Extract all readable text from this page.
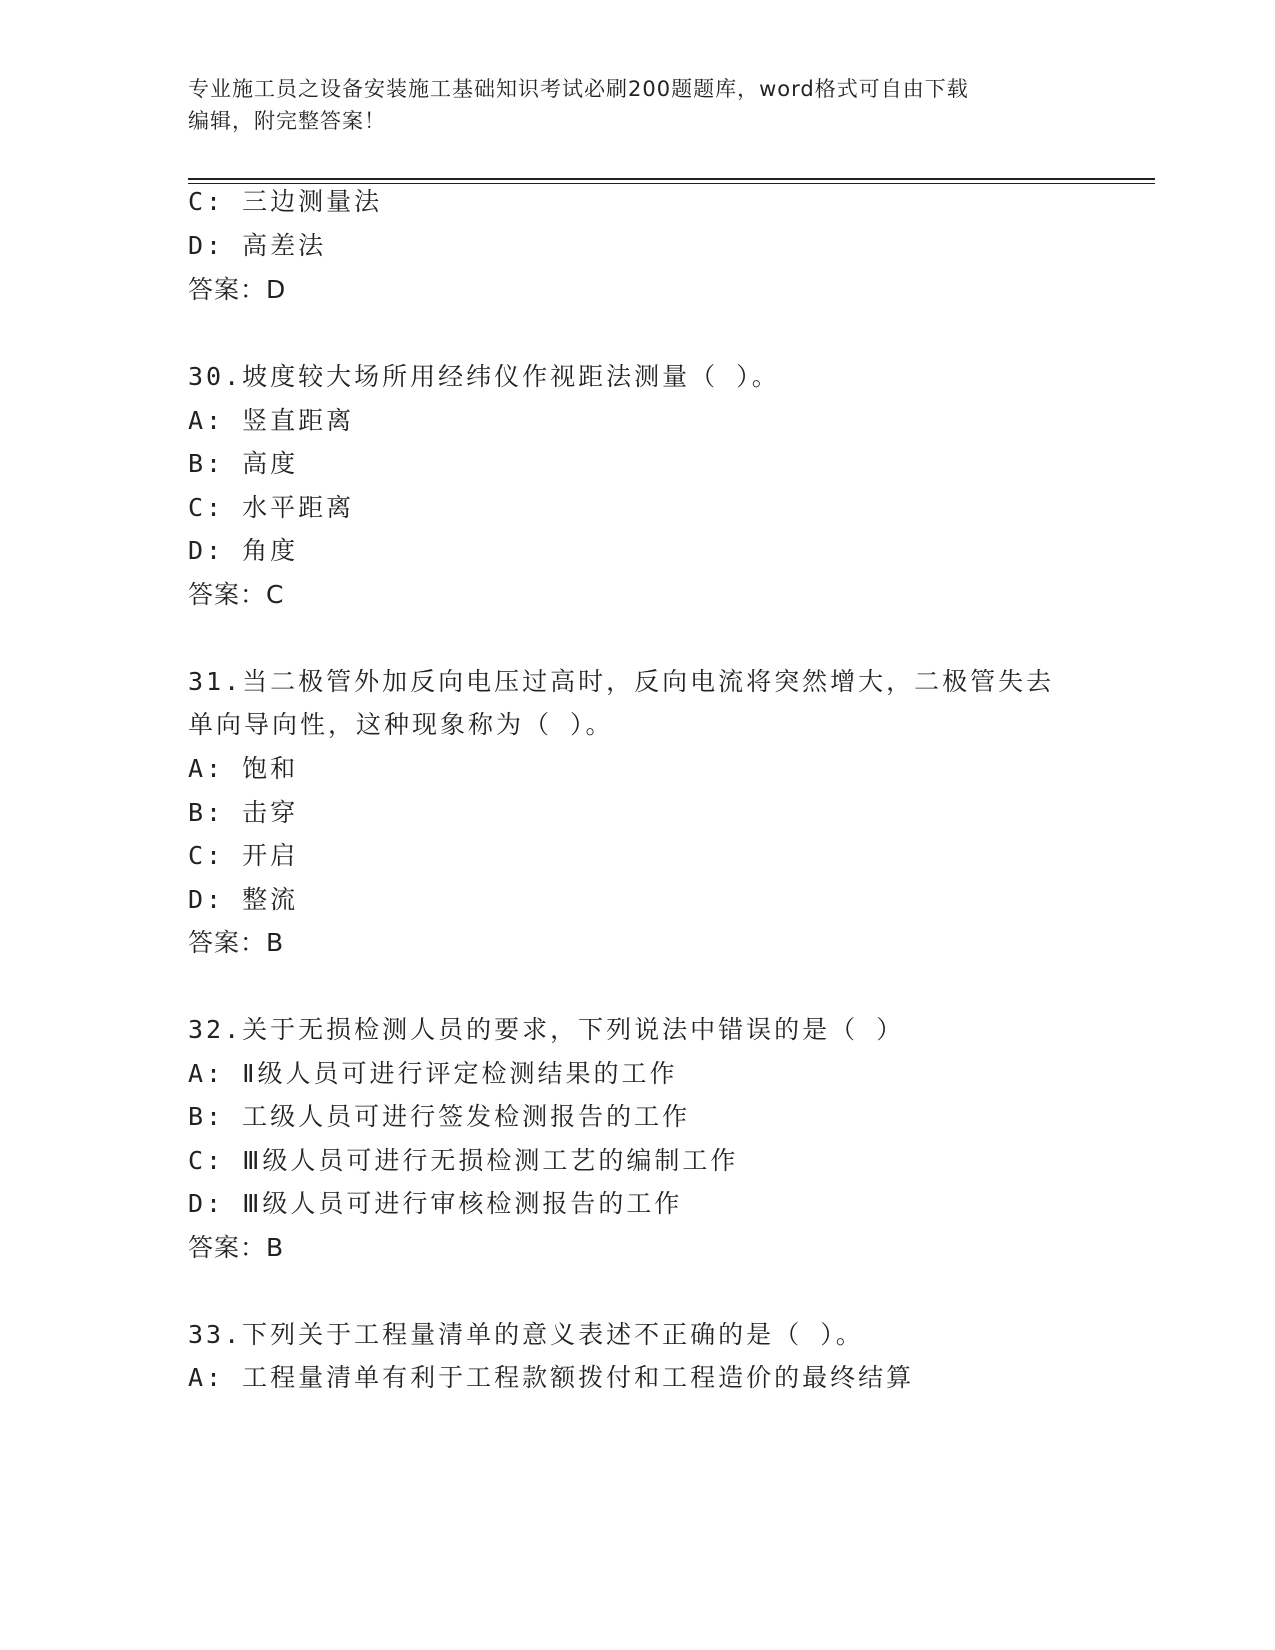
专业施工员之设备安装施工基础知识考试必刷200题题库，word格式可自由下载
编辑，附完整答案！
C: 三边测量法
D: 高差法
答案：D
30.坡度较大场所用经纬仪作视距法测量（ ）。
A: 竖直距离
B: 高度
C: 水平距离
D: 角度
答案：C
31.当二极管外加反向电压过高时，反向电流将突然增大，二极管失去
单向导向性，这种现象称为（ ）。
A: 饱和
B: 击穿
C: 开启
D: 整流
答案：B
32.关于无损检测人员的要求，下列说法中错误的是（ ）
A: Ⅱ级人员可进行评定检测结果的工作
B: 工级人员可进行签发检测报告的工作
C: Ⅲ级人员可进行无损检测工艺的编制工作
D: Ⅲ级人员可进行审核检测报告的工作
答案：B
33.下列关于工程量清单的意义表述不正确的是（ ）。
A: 工程量清单有利于工程款额拨付和工程造价的最终结算
